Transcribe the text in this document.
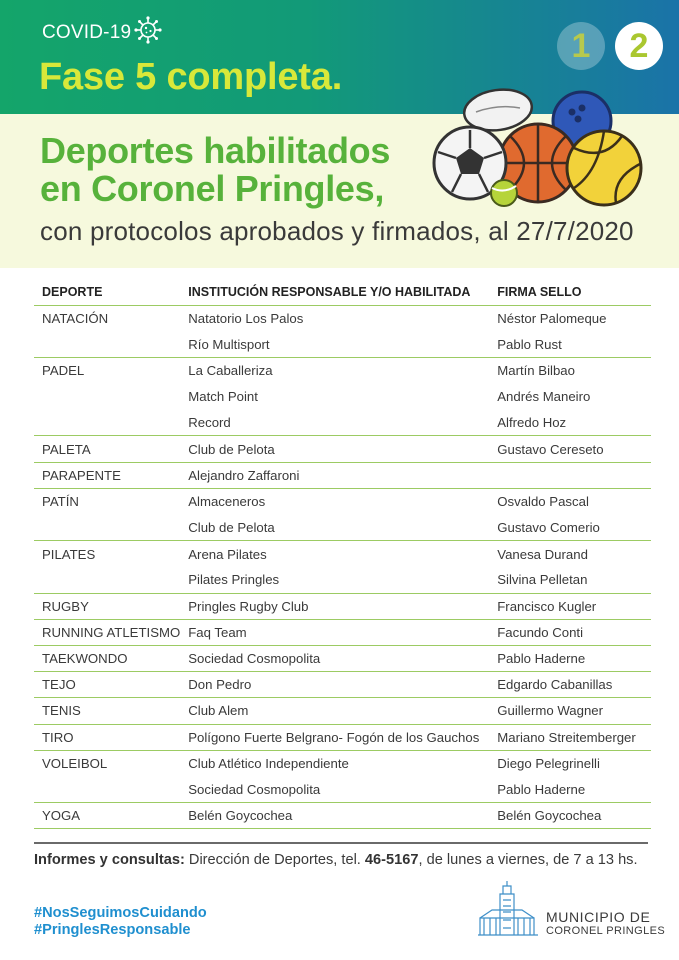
COVID-19
Fase 5 completa.
1	2
Deportes habilitados
en Coronel Pringles,
con protocolos aprobados y firmados, al 27/7/2020
DEPORTE	INSTITUCIÓN RESPONSABLE Y/O HABILITADA	FIRMA SELLO
NATACIÓN	Natatorio Los Palos	Néstor Palomeque
	Río Multisport	Pablo Rust
PADEL	La Caballeriza	Martín Bilbao
	Match Point	Andrés Maneiro
	Record	Alfredo Hoz
PALETA	Club de Pelota	Gustavo Cereseto
PARAPENTE	Alejandro Zaffaroni	
PATÍN	Almaceneros	Osvaldo Pascal
	Club de Pelota	Gustavo Comerio
PILATES	Arena Pilates	Vanesa Durand
	Pilates Pringles	Silvina Pelletan
RUGBY	Pringles Rugby Club	Francisco Kugler
RUNNING ATLETISMO	Faq Team	Facundo Conti
TAEKWONDO	Sociedad Cosmopolita	Pablo Haderne
TEJO	Don Pedro	Edgardo Cabanillas
TENIS	Club Alem	Guillermo Wagner
TIRO	Polígono Fuerte Belgrano- Fogón de los Gauchos	Mariano Streitemberger
VOLEIBOL	Club Atlético Independiente	Diego Pelegrinelli
	Sociedad Cosmopolita	Pablo Haderne
YOGA	Belén Goycochea	Belén Goycochea
Informes y consultas: Dirección de Deportes, tel. 46-5167, de lunes a viernes, de 7 a 13 hs.
#NosSeguimosCuidando
#PringlesResponsable
MUNICIPIO DE
CORONEL PRINGLES
